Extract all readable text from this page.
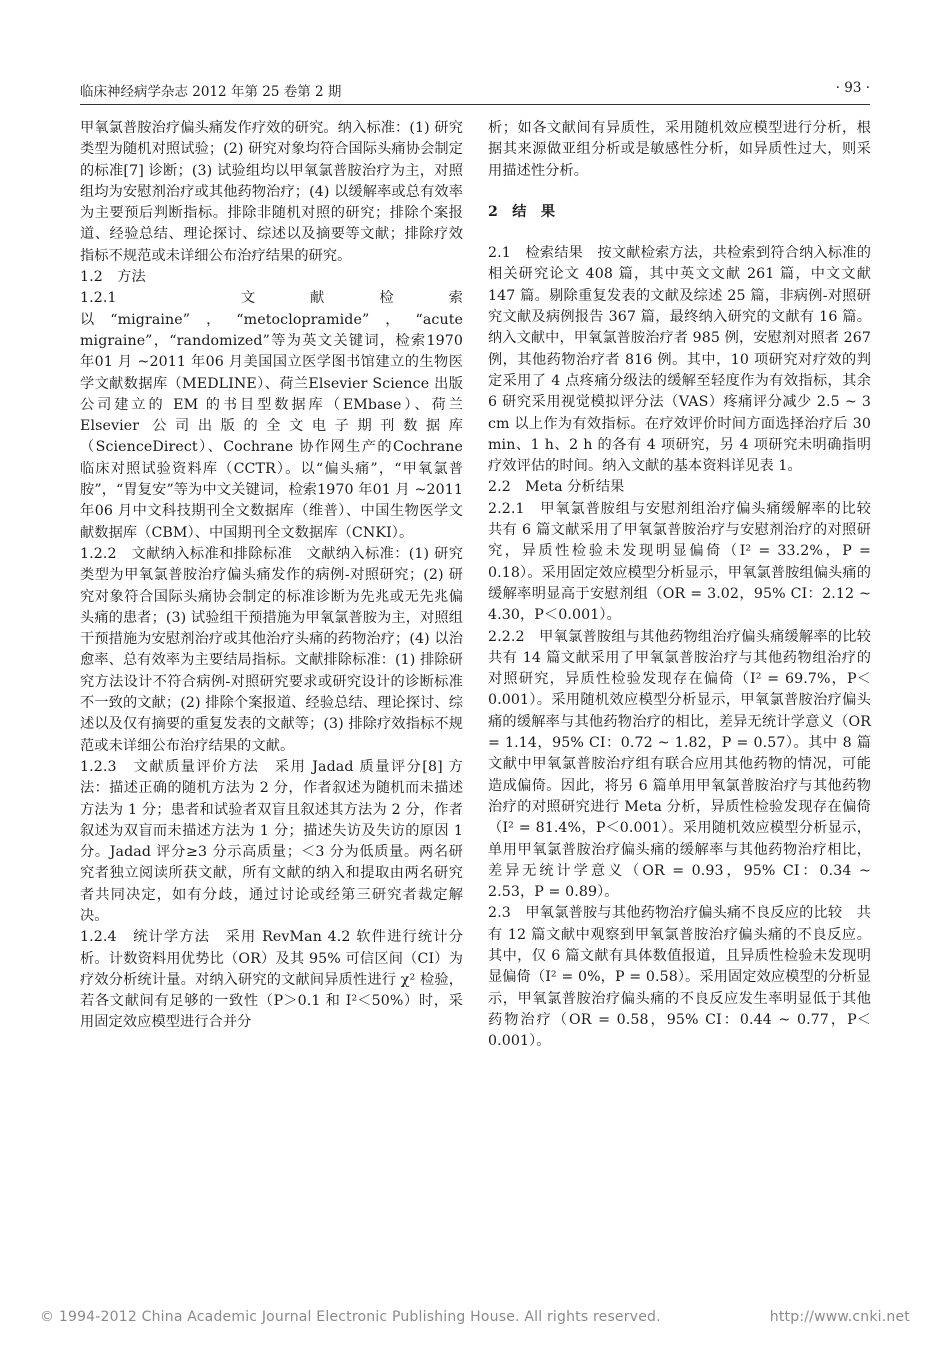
临床神经病学杂志 2012 年第 25 卷第 2 期	· 93 ·

甲氧氯普胺治疗偏头痛发作疗效的研究。纳入标准：(1) 研究类型为随机对照试验；(2) 研究对象均符合国际头痛协会制定的标准[7] 诊断；(3) 试验组均以甲氧氯普胺治疗为主，对照组均为安慰剂治疗或其他药物治疗；(4) 以缓解率或总有效率为主要预后判断指标。排除非随机对照的研究；排除个案报道、经验总结、理论探讨、综述以及摘要等文献；排除疗效指标不规范或未详细公布治疗结果的研究。

1.2　方法

1.2.1　文献检索　以“migraine”，“metoclopramide”，“acute migraine”，“randomized”等为英文关键词，检索1970 年01 月 ~2011 年06 月美国国立医学图书馆建立的生物医学文献数据库（MEDLINE）、荷兰Elsevier Science 出版公司建立的 EM 的书目型数据库（EMbase）、荷兰 Elsevier 公司出版的全文电子期刊数据库（ScienceDirect）、Cochrane 协作网生产的Cochrane 临床对照试验资料库（CCTR）。以“偏头痛”，“甲氧氯普胺”，“胃复安”等为中文关键词，检索1970 年01 月 ~2011 年06 月中文科技期刊全文数据库（维普）、中国生物医学文献数据库（CBM）、中国期刊全文数据库（CNKI）。

1.2.2　文献纳入标准和排除标准　文献纳入标准：(1) 研究类型为甲氧氯普胺治疗偏头痛发作的病例-对照研究；(2) 研究对象符合国际头痛协会制定的标准诊断为先兆或无先兆偏头痛的患者；(3) 试验组干预措施为甲氧氯普胺为主，对照组干预措施为安慰剂治疗或其他治疗头痛的药物治疗；(4) 以治愈率、总有效率为主要结局指标。文献排除标准：(1) 排除研究方法设计不符合病例-对照研究要求或研究设计的诊断标准不一致的文献；(2) 排除个案报道、经验总结、理论探讨、综述以及仅有摘要的重复发表的文献等；(3) 排除疗效指标不规范或未详细公布治疗结果的文献。

1.2.3　文献质量评价方法　采用 Jadad 质量评分[8] 方法：描述正确的随机方法为 2 分，作者叙述为随机而未描述方法为 1 分；患者和试验者双盲且叙述其方法为 2 分，作者叙述为双盲而未描述方法为 1 分；描述失访及失访的原因 1 分。Jadad 评分≥3 分示高质量；＜3 分为低质量。两名研究者独立阅读所获文献，所有文献的纳入和提取由两名研究者共同决定，如有分歧，通过讨论或经第三研究者裁定解决。

1.2.4　统计学方法　采用 RevMan 4.2 软件进行统计分析。计数资料用优势比（OR）及其 95% 可信区间（CI）为疗效分析统计量。对纳入研究的文献间异质性进行 χ² 检验，若各文献间有足够的一致性（P＞0.1 和 I²＜50%）时，采用固定效应模型进行合并分

析；如各文献间有异质性，采用随机效应模型进行分析，根据其来源做亚组分析或是敏感性分析，如异质性过大，则采用描述性分析。

2　结　果

2.1　检索结果　按文献检索方法，共检索到符合纳入标准的相关研究论文 408 篇，其中英文文献 261 篇，中文文献 147 篇。剔除重复发表的文献及综述 25 篇，非病例-对照研究文献及病例报告 367 篇，最终纳入研究的文献有 16 篇。纳入文献中，甲氧氯普胺治疗者 985 例，安慰剂对照者 267 例，其他药物治疗者 816 例。其中，10 项研究对疗效的判定采用了 4 点疼痛分级法的缓解至轻度作为有效指标，其余 6 研究采用视觉模拟评分法（VAS）疼痛评分减少 2.5 ~ 3 cm 以上作为有效指标。在疗效评价时间方面选择治疗后 30 min、1 h、2 h 的各有 4 项研究，另 4 项研究未明确指明疗效评估的时间。纳入文献的基本资料详见表 1。

2.2　Meta 分析结果

2.2.1　甲氧氯普胺组与安慰剂组治疗偏头痛缓解率的比较　共有 6 篇文献采用了甲氧氯普胺治疗与安慰剂治疗的对照研究，异质性检验未发现明显偏倚（I² = 33.2%，P = 0.18）。采用固定效应模型分析显示，甲氧氯普胺组偏头痛的缓解率明显高于安慰剂组（OR = 3.02，95% CI：2.12 ~ 4.30，P＜0.001）。

2.2.2　甲氧氯普胺组与其他药物组治疗偏头痛缓解率的比较　共有 14 篇文献采用了甲氧氯普胺治疗与其他药物组治疗的对照研究，异质性检验发现存在偏倚（I² = 69.7%，P＜0.001）。采用随机效应模型分析显示，甲氧氯普胺治疗偏头痛的缓解率与其他药物治疗的相比，差异无统计学意义（OR = 1.14，95% CI：0.72 ~ 1.82，P = 0.57）。其中 8 篇文献中甲氧氯普胺治疗组有联合应用其他药物的情况，可能造成偏倚。因此，将另 6 篇单用甲氧氯普胺治疗与其他药物治疗的对照研究进行 Meta 分析，异质性检验发现存在偏倚（I² = 81.4%，P＜0.001）。采用随机效应模型分析显示，单用甲氧氯普胺治疗偏头痛的缓解率与其他药物治疗相比，差异无统计学意义（OR = 0.93，95% CI：0.34 ~ 2.53，P = 0.89）。

2.3　甲氧氯普胺与其他药物治疗偏头痛不良反应的比较　共有 12 篇文献中观察到甲氧氯普胺治疗偏头痛的不良反应。其中，仅 6 篇文献有具体数值报道，且异质性检验未发现明显偏倚（I² = 0%，P = 0.58）。采用固定效应模型的分析显示，甲氧氯普胺治疗偏头痛的不良反应发生率明显低于其他药物治疗（OR = 0.58，95% CI：0.44 ~ 0.77，P＜0.001）。

© 1994-2012 China Academic Journal Electronic Publishing House. All rights reserved.	http://www.cnki.net
